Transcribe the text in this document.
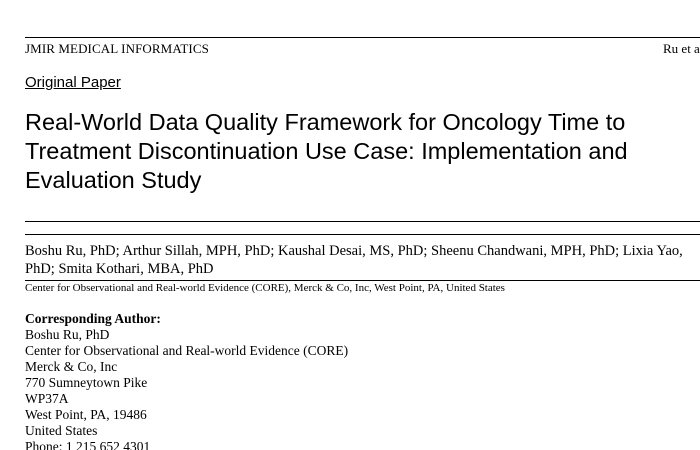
JMIR MEDICAL INFORMATICS	Ru et a
Original Paper
Real-World Data Quality Framework for Oncology Time to
Treatment Discontinuation Use Case: Implementation and
Evaluation Study
Boshu Ru, PhD; Arthur Sillah, MPH, PhD; Kaushal Desai, MS, PhD; Sheenu Chandwani, MPH, PhD; Lixia Yao,
PhD; Smita Kothari, MBA, PhD
Center for Observational and Real-world Evidence (CORE), Merck & Co, Inc, West Point, PA, United States
Corresponding Author:
Boshu Ru, PhD
Center for Observational and Real-world Evidence (CORE)
Merck & Co, Inc
770 Sumneytown Pike
WP37A
West Point, PA, 19486
United States
Phone: 1 215 652 4301
